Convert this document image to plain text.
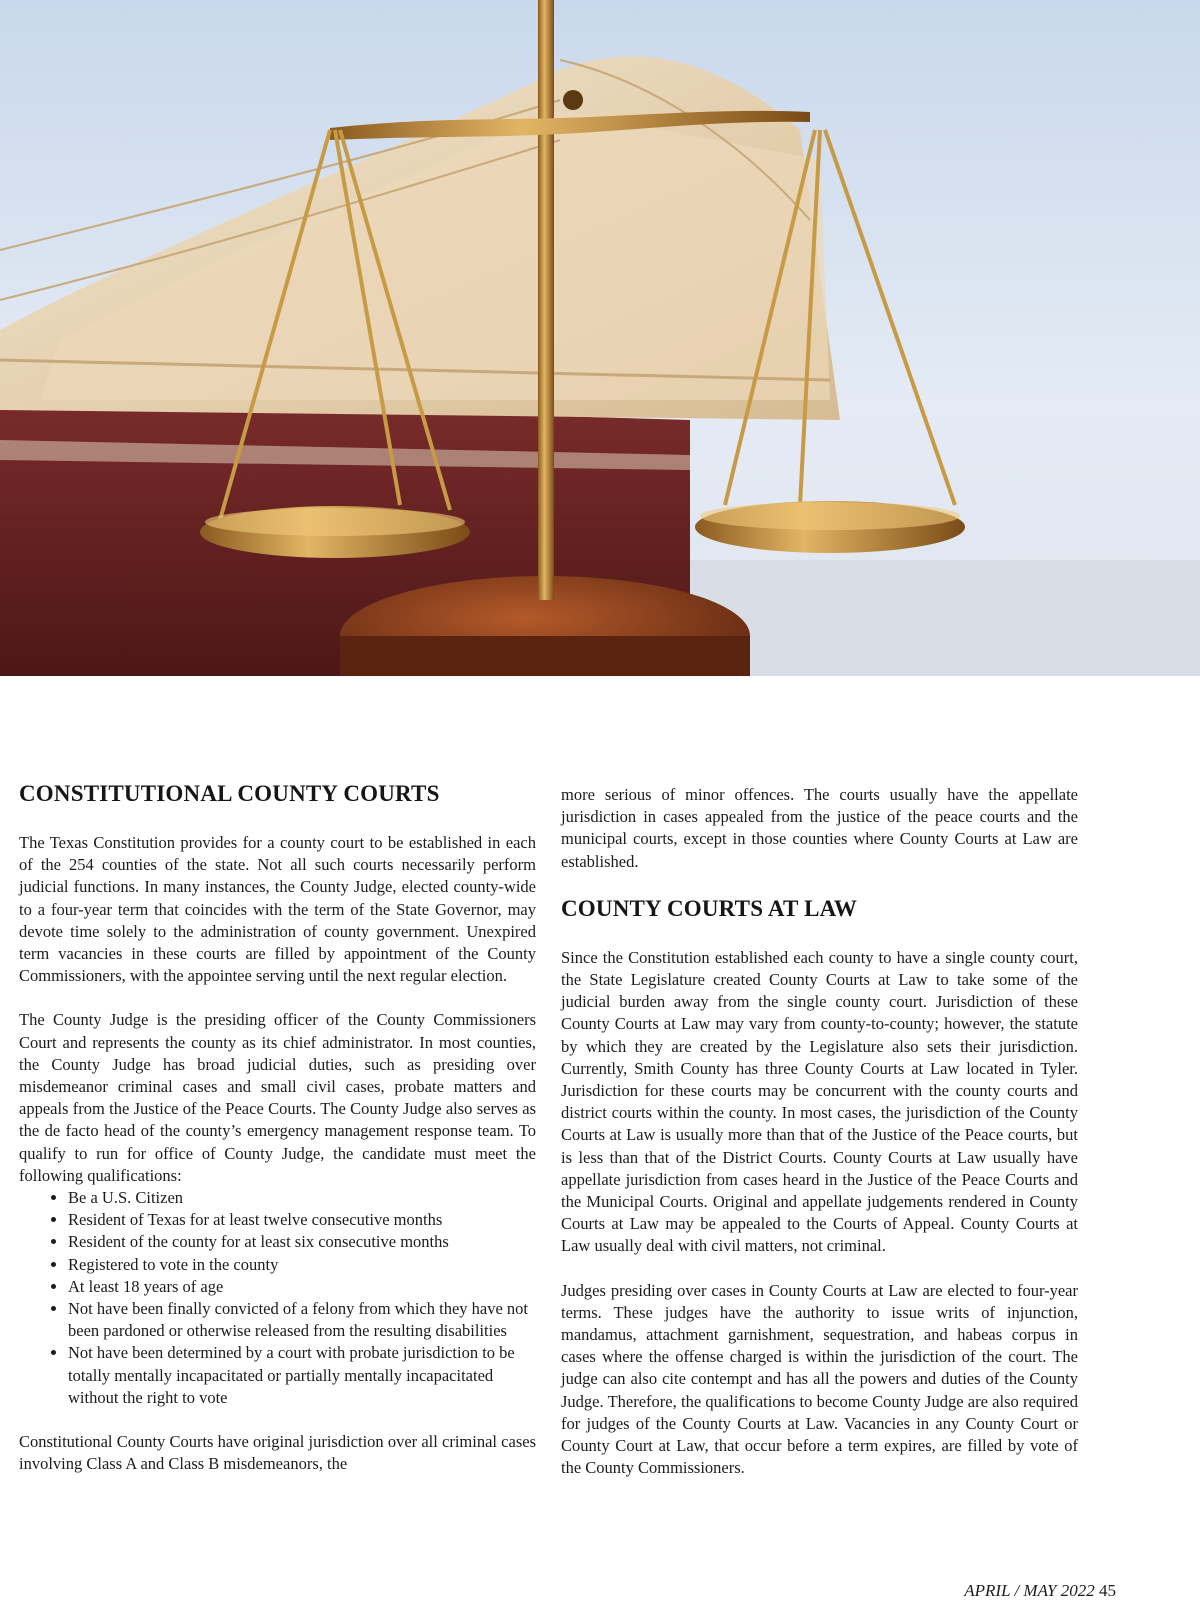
CONSTITUTIONAL COUNTY COURTS

The Texas Constitution provides for a county court to be established in each of the 254 counties of the state. Not all such courts necessarily perform judicial functions. In many instances, the County Judge, elected county-wide to a four-year term that coincides with the term of the State Governor, may devote time solely to the administration of county government. Unexpired term vacancies in these courts are filled by appointment of the County Commissioners, with the appointee serving until the next regular election.

The County Judge is the presiding officer of the County Commissioners Court and represents the county as its chief administrator. In most counties, the County Judge has broad judicial duties, such as presiding over misdemeanor criminal cases and small civil cases, probate matters and appeals from the Justice of the Peace Courts. The County Judge also serves as the de facto head of the county’s emergency management response team. To qualify to run for office of County Judge, the candidate must meet the following qualifications:

• Be a U.S. Citizen
• Resident of Texas for at least twelve consecutive months
• Resident of the county for at least six consecutive months
• Registered to vote in the county
• At least 18 years of age
• Not have been finally convicted of a felony from which they have not been pardoned or otherwise released from the resulting disabilities
• Not have been determined by a court with probate jurisdiction to be totally mentally incapacitated or partially mentally incapacitated without the right to vote

Constitutional County Courts have original jurisdiction over all criminal cases involving Class A and Class B misdemeanors, the

more serious of minor offences. The courts usually have the appellate jurisdiction in cases appealed from the justice of the peace courts and the municipal courts, except in those counties where County Courts at Law are established.

COUNTY COURTS AT LAW

Since the Constitution established each county to have a single county court, the State Legislature created County Courts at Law to take some of the judicial burden away from the single county court. Jurisdiction of these County Courts at Law may vary from county-to-county; however, the statute by which they are created by the Legislature also sets their jurisdiction. Currently, Smith County has three County Courts at Law located in Tyler. Jurisdiction for these courts may be concurrent with the county courts and district courts within the county. In most cases, the jurisdiction of the County Courts at Law is usually more than that of the Justice of the Peace courts, but is less than that of the District Courts. County Courts at Law usually have appellate jurisdiction from cases heard in the Justice of the Peace Courts and the Municipal Courts. Original and appellate judgements rendered in County Courts at Law may be appealed to the Courts of Appeal. County Courts at Law usually deal with civil matters, not criminal.

Judges presiding over cases in County Courts at Law are elected to four-year terms. These judges have the authority to issue writs of injunction, mandamus, attachment garnishment, sequestration, and habeas corpus in cases where the offense charged is within the jurisdiction of the court. The judge can also cite contempt and has all the powers and duties of the County Judge. Therefore, the qualifications to become County Judge are also required for judges of the County Courts at Law. Vacancies in any County Court or County Court at Law, that occur before a term expires, are filled by vote of the County Commissioners.

APRIL / MAY 2022 45
